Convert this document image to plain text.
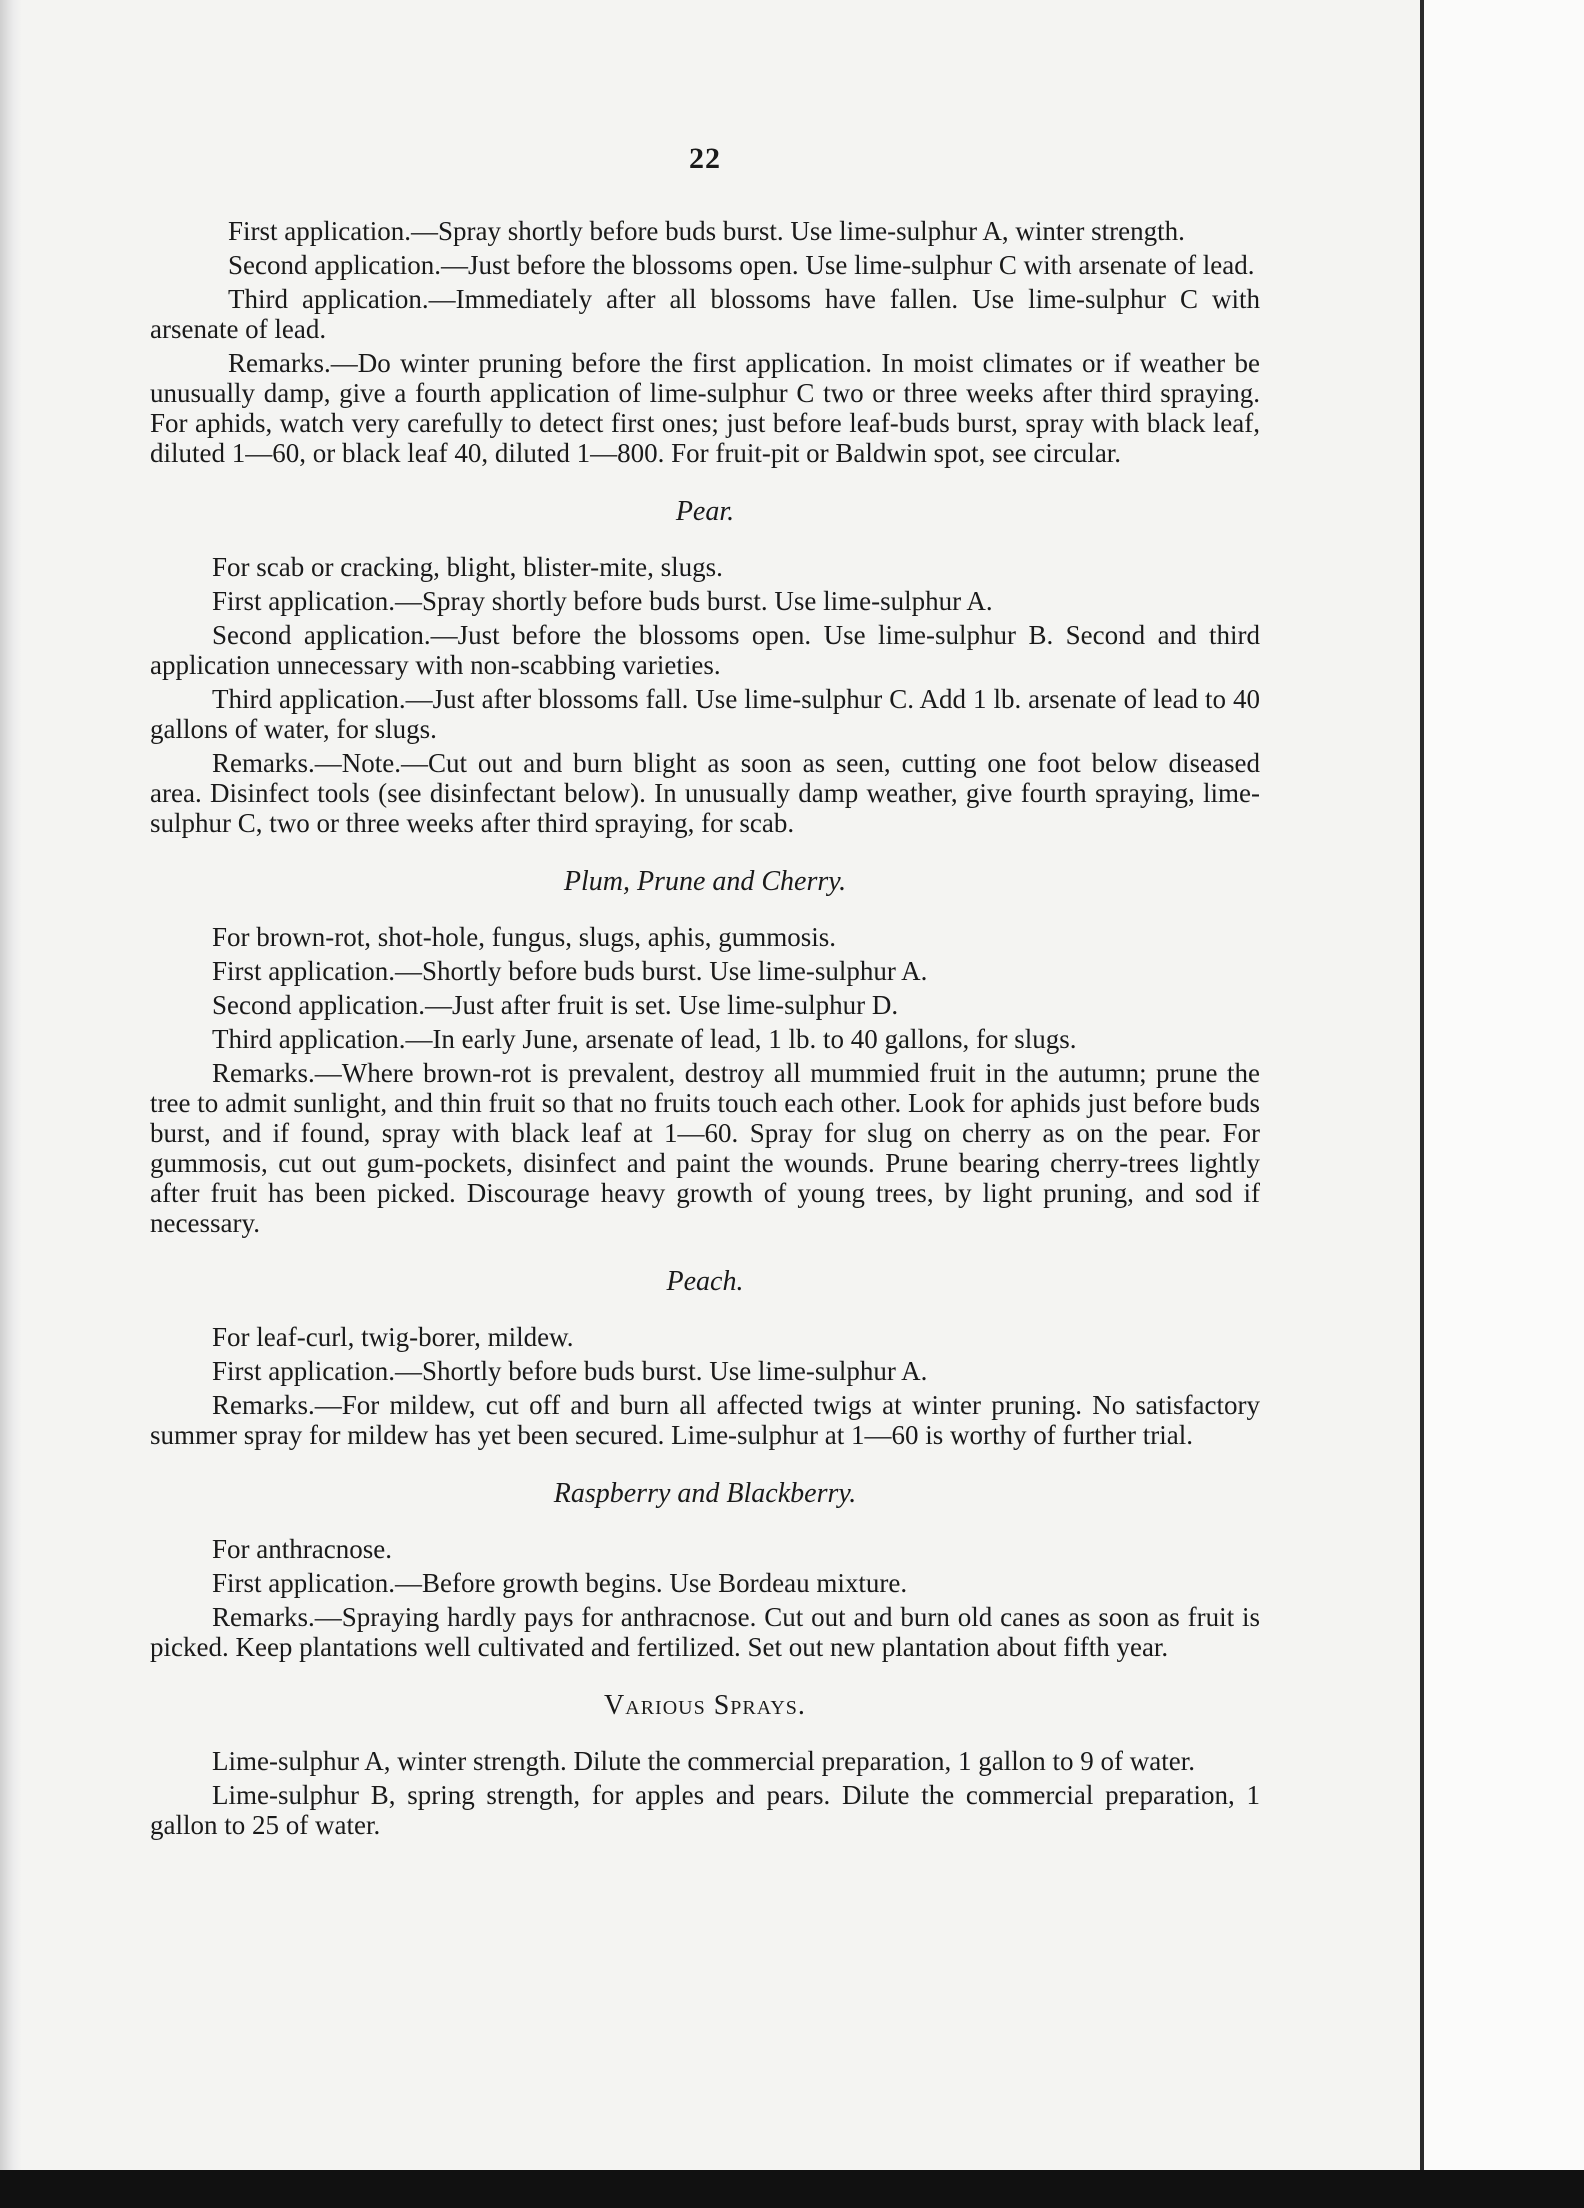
22

First application.—Spray shortly before buds burst. Use lime-sulphur A, winter strength.

Second application.—Just before the blossoms open. Use lime-sulphur C with arsenate of lead.

Third application.—Immediately after all blossoms have fallen. Use lime-sulphur C with arsenate of lead.

Remarks.—Do winter pruning before the first application. In moist climates or if weather be unusually damp, give a fourth application of lime-sulphur C two or three weeks after third spraying. For aphids, watch very carefully to detect first ones; just before leaf-buds burst, spray with black leaf, diluted 1—60, or black leaf 40, diluted 1—800. For fruit-pit or Baldwin spot, see circular.

Pear.

For scab or cracking, blight, blister-mite, slugs.

First application.—Spray shortly before buds burst. Use lime-sulphur A.

Second application.—Just before the blossoms open. Use lime-sulphur B. Second and third application unnecessary with non-scabbing varieties.

Third application.—Just after blossoms fall. Use lime-sulphur C. Add 1 lb. arsenate of lead to 40 gallons of water, for slugs.

Remarks.—Note.—Cut out and burn blight as soon as seen, cutting one foot below diseased area. Disinfect tools (see disinfectant below). In unusually damp weather, give fourth spraying, lime-sulphur C, two or three weeks after third spraying, for scab.

Plum, Prune and Cherry.

For brown-rot, shot-hole, fungus, slugs, aphis, gummosis.

First application.—Shortly before buds burst. Use lime-sulphur A.

Second application.—Just after fruit is set. Use lime-sulphur D.

Third application.—In early June, arsenate of lead, 1 lb. to 40 gallons, for slugs.

Remarks.—Where brown-rot is prevalent, destroy all mummied fruit in the autumn; prune the tree to admit sunlight, and thin fruit so that no fruits touch each other. Look for aphids just before buds burst, and if found, spray with black leaf at 1—60. Spray for slug on cherry as on the pear. For gummosis, cut out gum-pockets, disinfect and paint the wounds. Prune bearing cherry-trees lightly after fruit has been picked. Discourage heavy growth of young trees, by light pruning, and sod if necessary.

Peach.

For leaf-curl, twig-borer, mildew.

First application.—Shortly before buds burst. Use lime-sulphur A.

Remarks.—For mildew, cut off and burn all affected twigs at winter pruning. No satisfactory summer spray for mildew has yet been secured. Lime-sulphur at 1—60 is worthy of further trial.

Raspberry and Blackberry.

For anthracnose.

First application.—Before growth begins. Use Bordeau mixture.

Remarks.—Spraying hardly pays for anthracnose. Cut out and burn old canes as soon as fruit is picked. Keep plantations well cultivated and fertilized. Set out new plantation about fifth year.

Various Sprays.

Lime-sulphur A, winter strength. Dilute the commercial preparation, 1 gallon to 9 of water.

Lime-sulphur B, spring strength, for apples and pears. Dilute the commercial preparation, 1 gallon to 25 of water.
